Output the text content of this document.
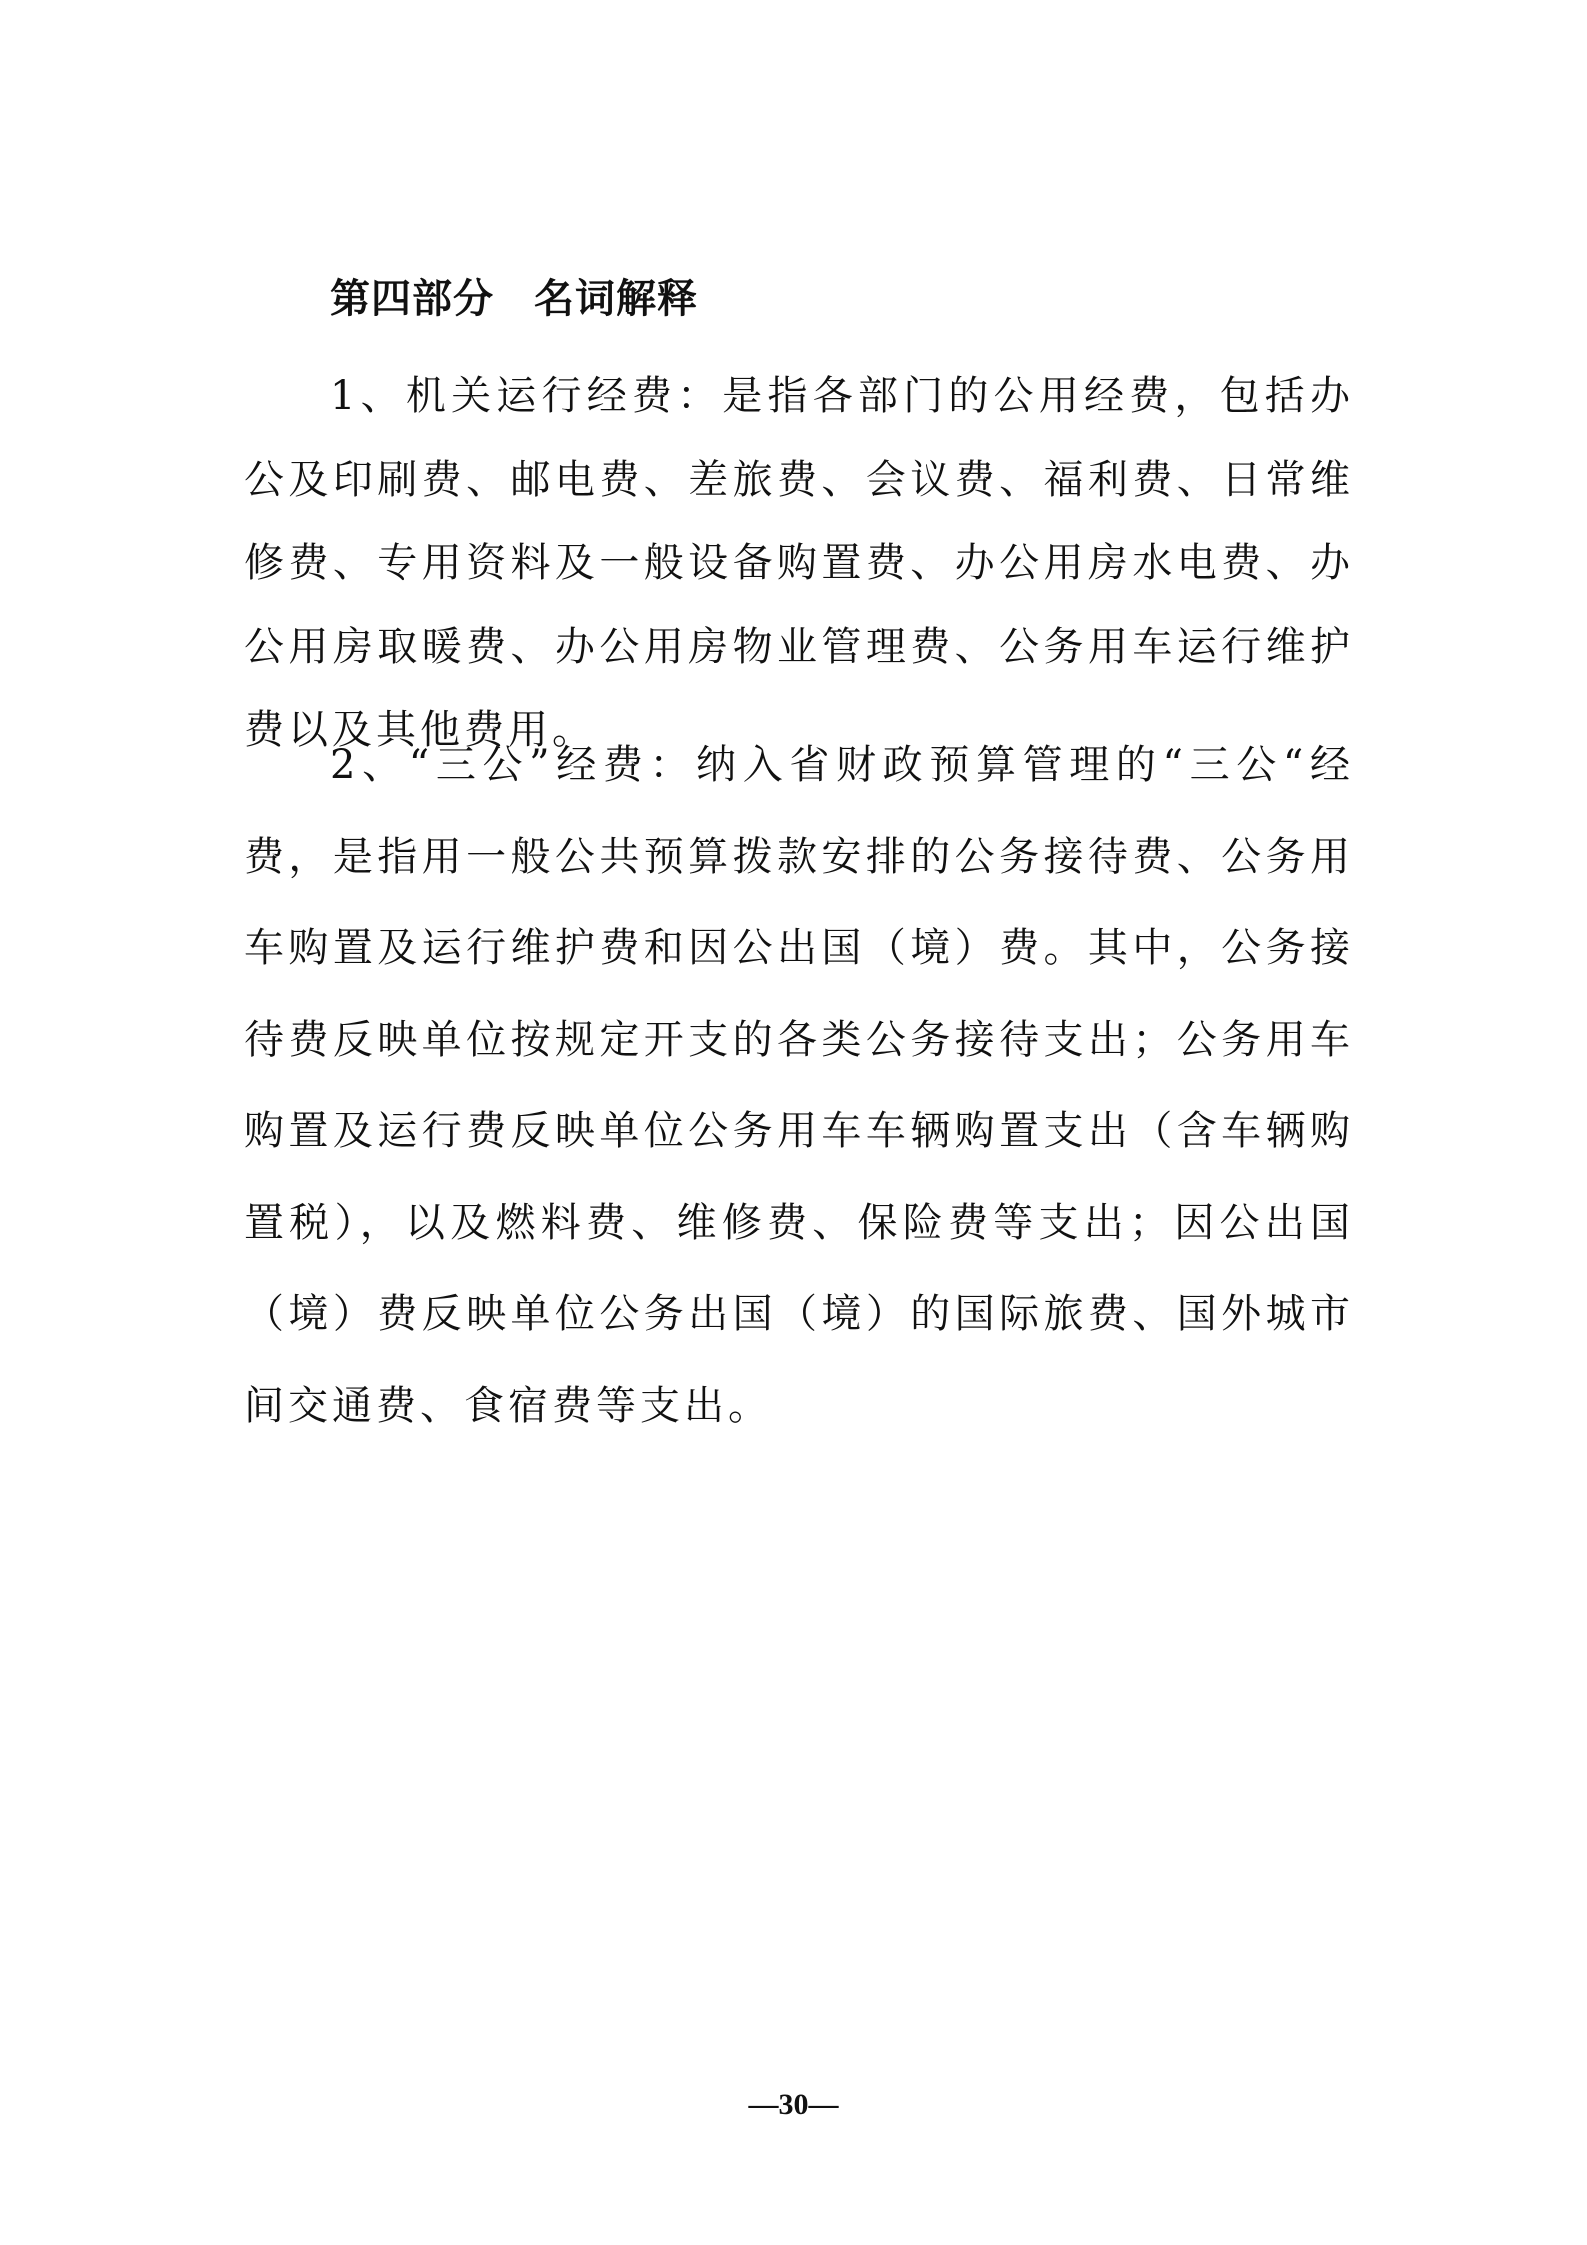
第四部分 名词解释

1、机关运行经费：是指各部门的公用经费，包括办公及印刷费、邮电费、差旅费、会议费、福利费、日常维修费、专用资料及一般设备购置费、办公用房水电费、办公用房取暖费、办公用房物业管理费、公务用车运行维护费以及其他费用。

2、“三公”经费：纳入省财政预算管理的“三公“经费，是指用一般公共预算拨款安排的公务接待费、公务用车购置及运行维护费和因公出国（境）费。其中，公务接待费反映单位按规定开支的各类公务接待支出；公务用车购置及运行费反映单位公务用车车辆购置支出（含车辆购置税），以及燃料费、维修费、保险费等支出；因公出国（境）费反映单位公务出国（境）的国际旅费、国外城市间交通费、食宿费等支出。

—30—
